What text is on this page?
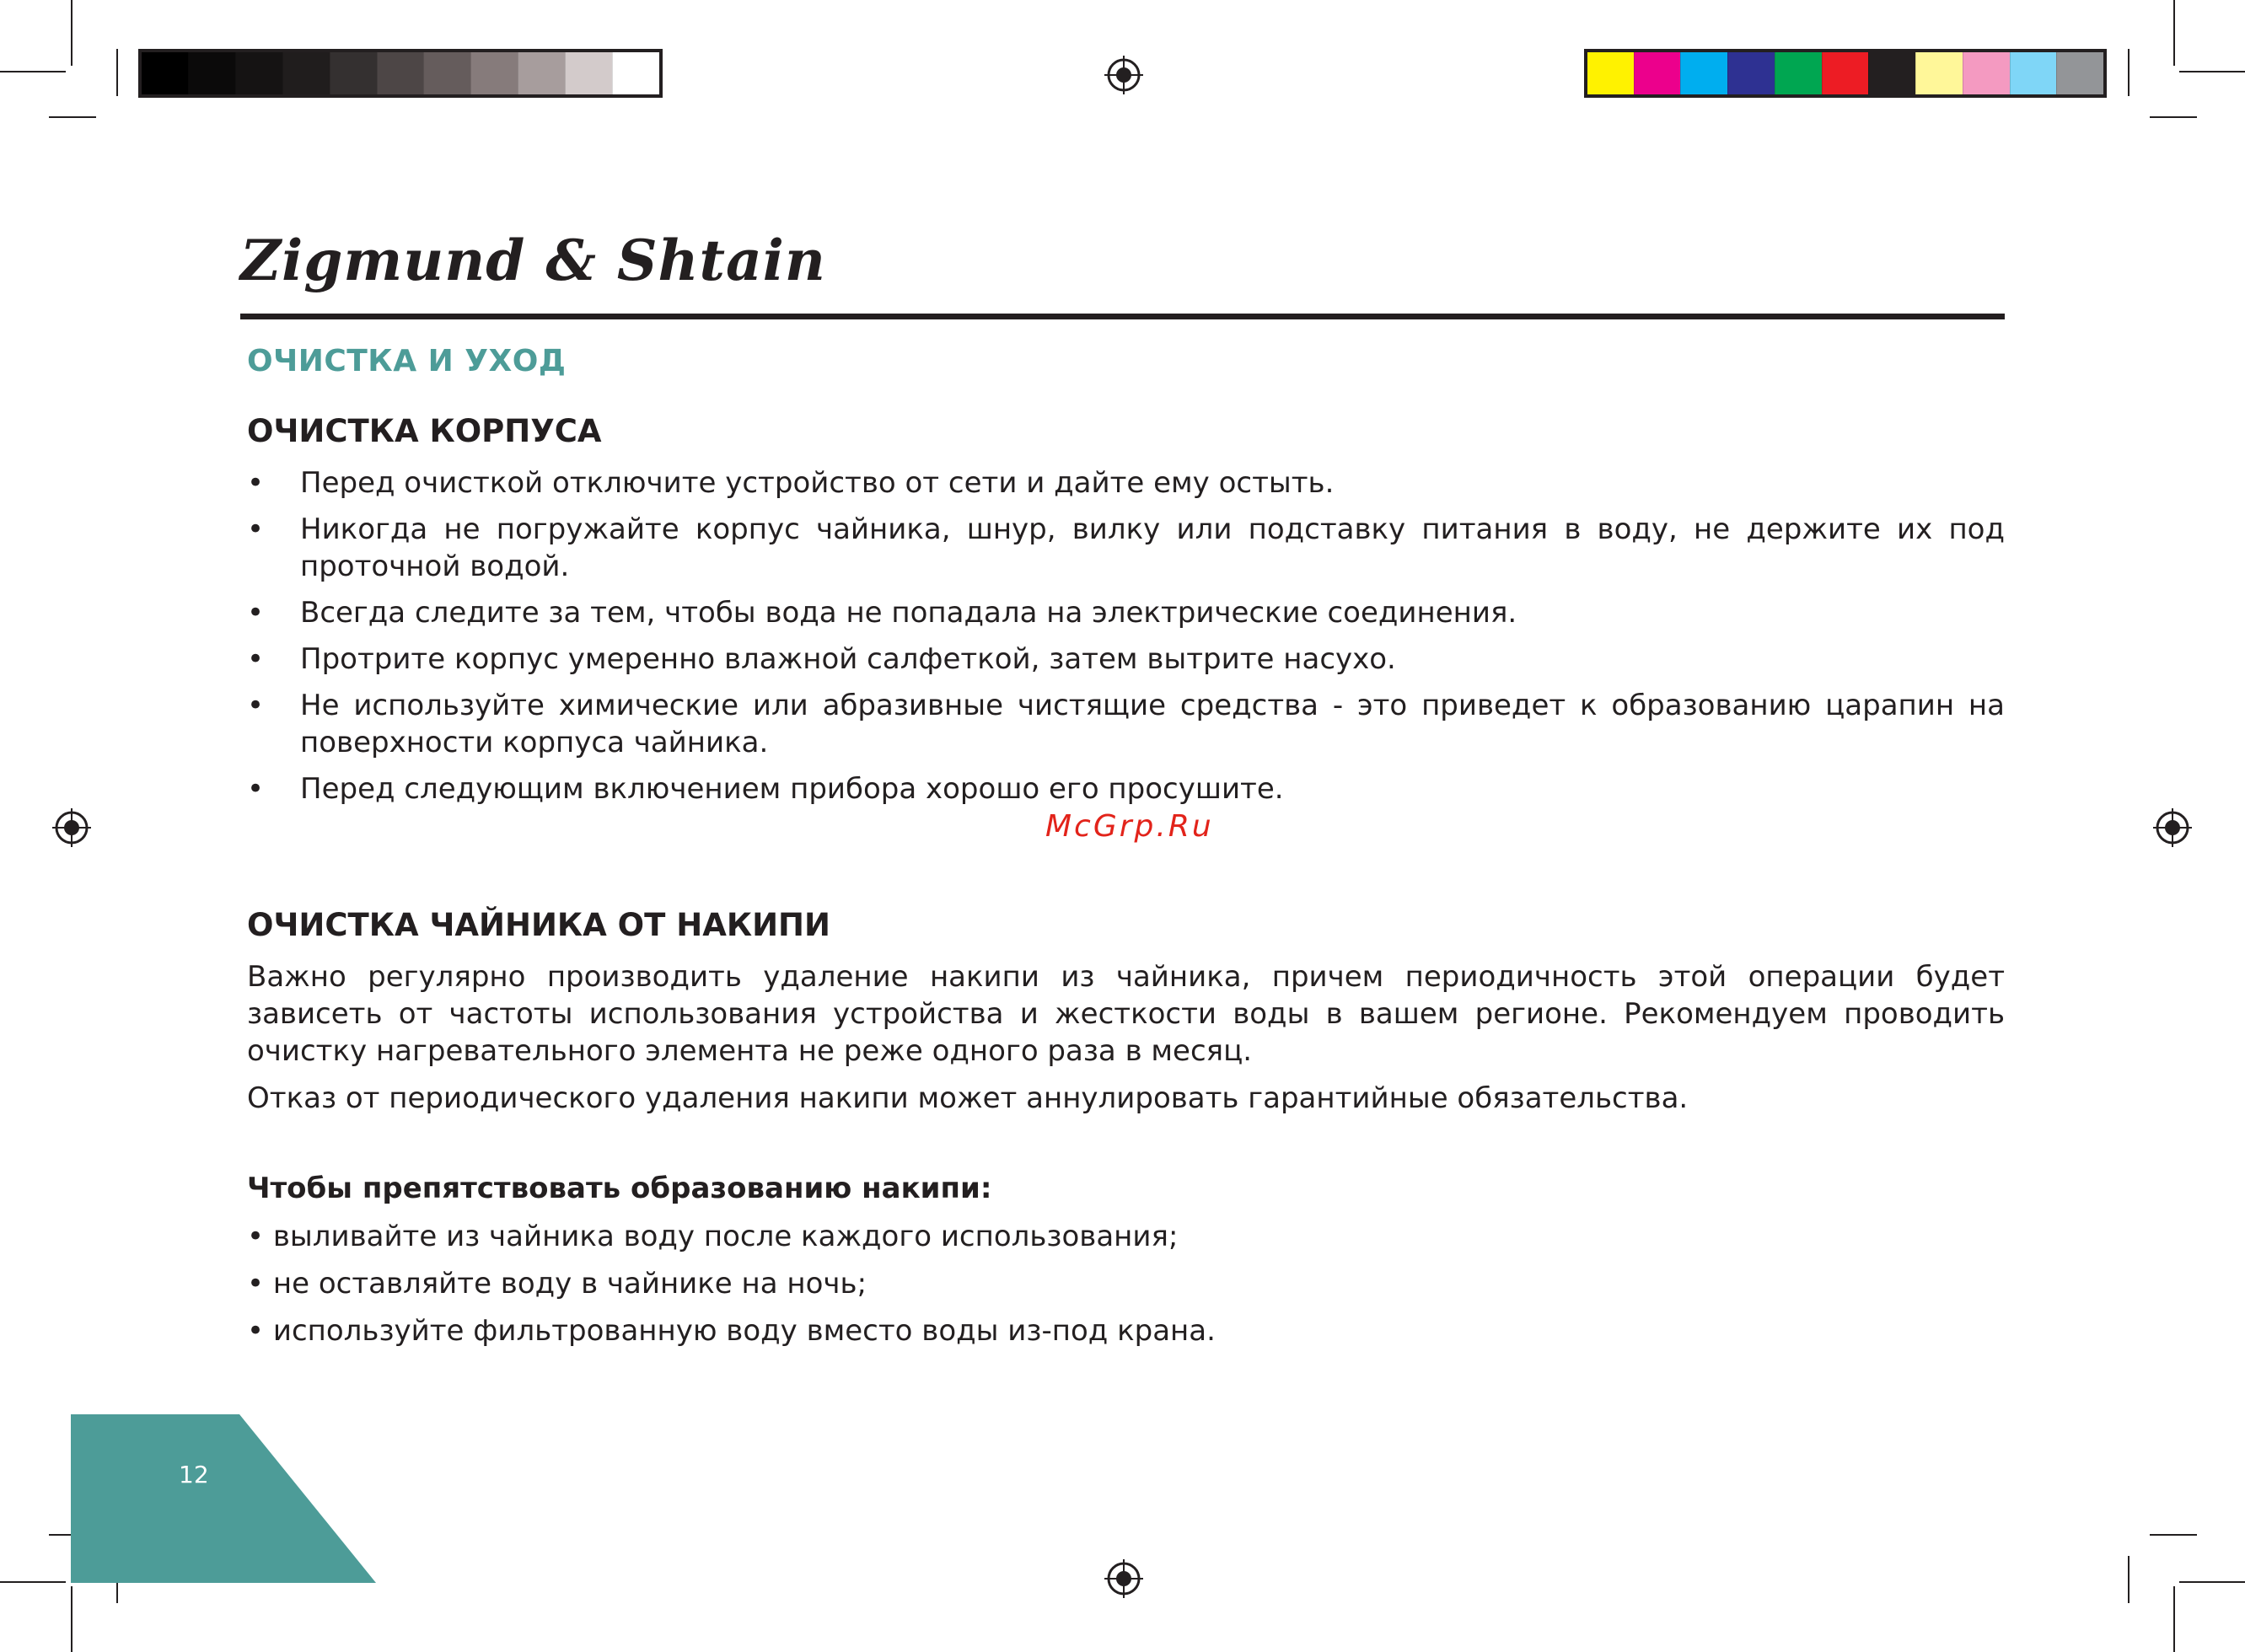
Zigmund & Shtain
ОЧИСТКА И УХОД
ОЧИСТКА КОРПУСА
• Перед очисткой отключите устройство от сети и дайте ему остыть.
• Никогда не погружайте корпус чайника, шнур, вилку или подставку питания в воду, не держите их под проточной водой.
• Всегда следите за тем, чтобы вода не попадала на электрические соединения.
• Протрите корпус умеренно влажной салфеткой, затем вытрите насухо.
• Не используйте химические или абразивные чистящие средства - это приведет к образованию царапин на поверхности корпуса чайника.
• Перед следующим включением прибора хорошо его просушите.
McGrp.Ru
ОЧИСТКА ЧАЙНИКА ОТ НАКИПИ

Важно регулярно производить удаление накипи из чайника, причем периодичность этой операции будет зависеть от частоты использования устройства и жесткости воды в вашем регионе. Рекомендуем проводить очистку нагревательного элемента не реже одного раза в месяц.

Отказ от периодического удаления накипи может аннулировать гарантийные обязательства.

Чтобы препятствовать образованию накипи:
• выливайте из чайника воду после каждого использования;
• не оставляйте воду в чайнике на ночь;
• используйте фильтрованную воду вместо воды из-под крана.
12
